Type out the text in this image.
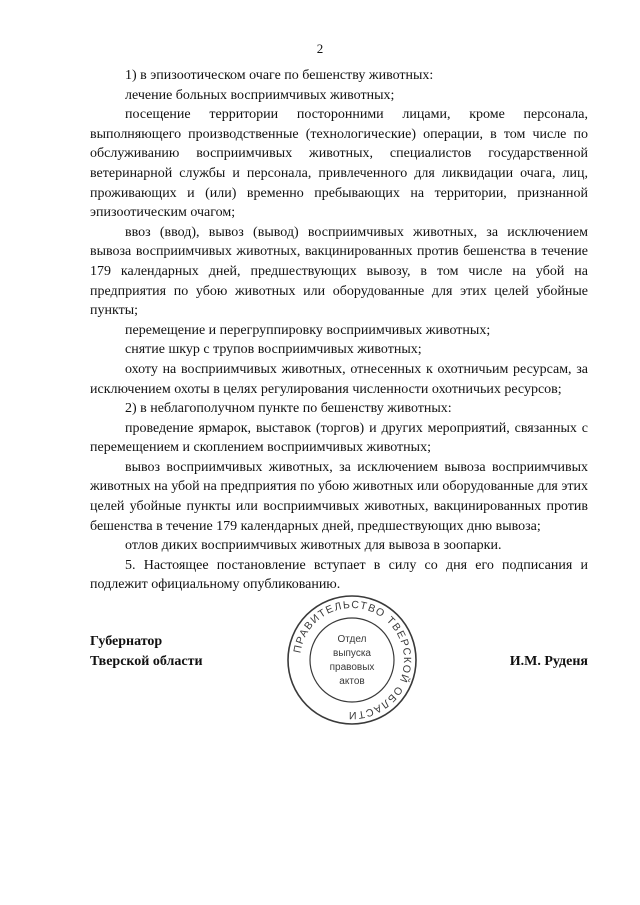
2

1) в эпизоотическом очаге по бешенству животных:

лечение больных восприимчивых животных;

посещение территории посторонними лицами, кроме персонала, выполняющего производственные (технологические) операции, в том числе по обслуживанию восприимчивых животных, специалистов государственной ветеринарной службы и персонала, привлеченного для ликвидации очага, лиц, проживающих и (или) временно пребывающих на территории, признанной эпизоотическим очагом;

ввоз (ввод), вывоз (вывод) восприимчивых животных, за исключением вывоза восприимчивых животных, вакцинированных против бешенства в течение 179 календарных дней, предшествующих вывозу, в том числе на убой на предприятия по убою животных или оборудованные для этих целей убойные пункты;

перемещение и перегруппировку восприимчивых животных;

снятие шкур с трупов восприимчивых животных;

охоту на восприимчивых животных, отнесенных к охотничьим ресурсам, за исключением охоты в целях регулирования численности охотничьих ресурсов;

2) в неблагополучном пункте по бешенству животных:

проведение ярмарок, выставок (торгов) и других мероприятий, связанных с перемещением и скоплением восприимчивых животных;

вывоз восприимчивых животных, за исключением вывоза восприимчивых животных на убой на предприятия по убою животных или оборудованные для этих целей убойные пункты или восприимчивых животных, вакцинированных против бешенства в течение 179 календарных дней, предшествующих дню вывоза;

отлов диких восприимчивых животных для вывоза в зоопарки.

5. Настоящее постановление вступает в силу со дня его подписания и подлежит официальному опубликованию.

Губернатор
Тверской области
ПРАВИТЕЛЬСТВО ТВЕРСКОЙ ОБЛАСТИ
Отдел
выпуска
правовых
актов
И.М. Руденя
